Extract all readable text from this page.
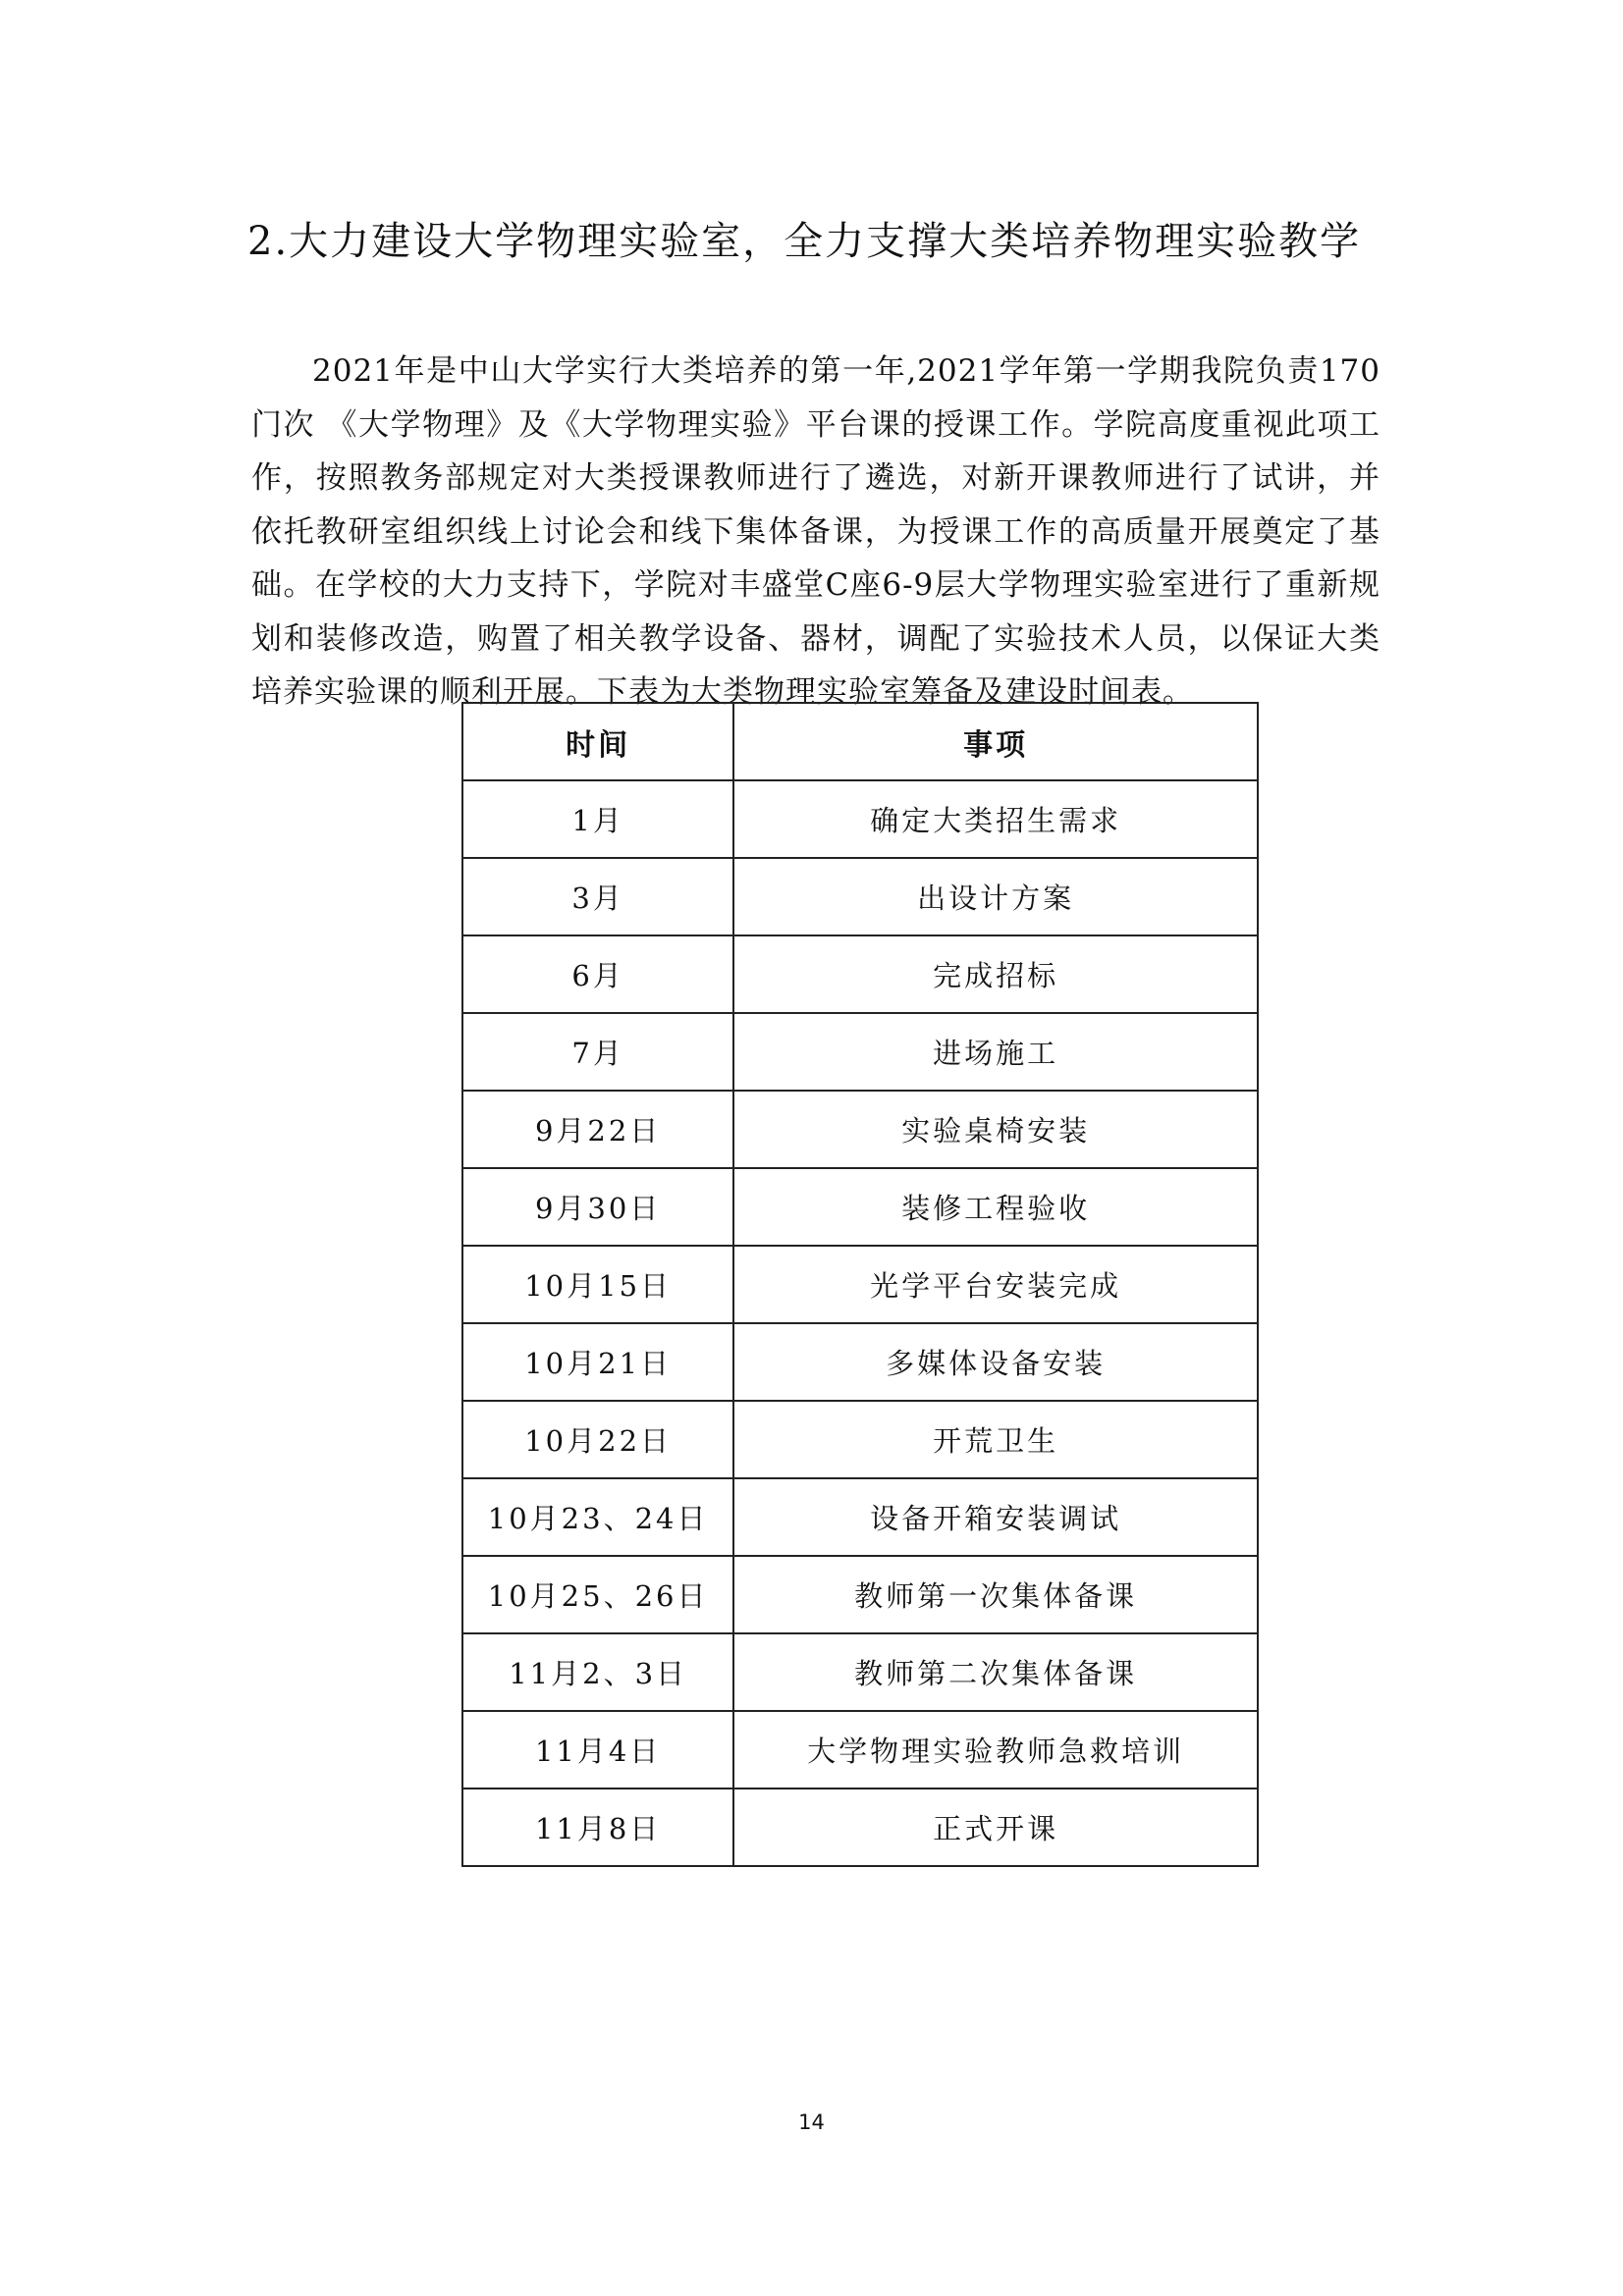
2.大力建设大学物理实验室，全力支撑大类培养物理实验教学

2021年是中山大学实行大类培养的第一年,2021学年第一学期我院负责170门次 《大学物理》及《大学物理实验》平台课的授课工作。学院高度重视此项工作，按照教务部规定对大类授课教师进行了遴选，对新开课教师进行了试讲，并依托教研室组织线上讨论会和线下集体备课，为授课工作的高质量开展奠定了基础。在学校的大力支持下，学院对丰盛堂C座6-9层大学物理实验室进行了重新规划和装修改造，购置了相关教学设备、器材，调配了实验技术人员，以保证大类培养实验课的顺利开展。下表为大类物理实验室筹备及建设时间表。

时间	事项
1月	确定大类招生需求
3月	出设计方案
6月	完成招标
7月	进场施工
9月22日	实验桌椅安装
9月30日	装修工程验收
10月15日	光学平台安装完成
10月21日	多媒体设备安装
10月22日	开荒卫生
10月23、24日	设备开箱安装调试
10月25、26日	教师第一次集体备课
11月2、3日	教师第二次集体备课
11月4日	大学物理实验教师急救培训
11月8日	正式开课
14
